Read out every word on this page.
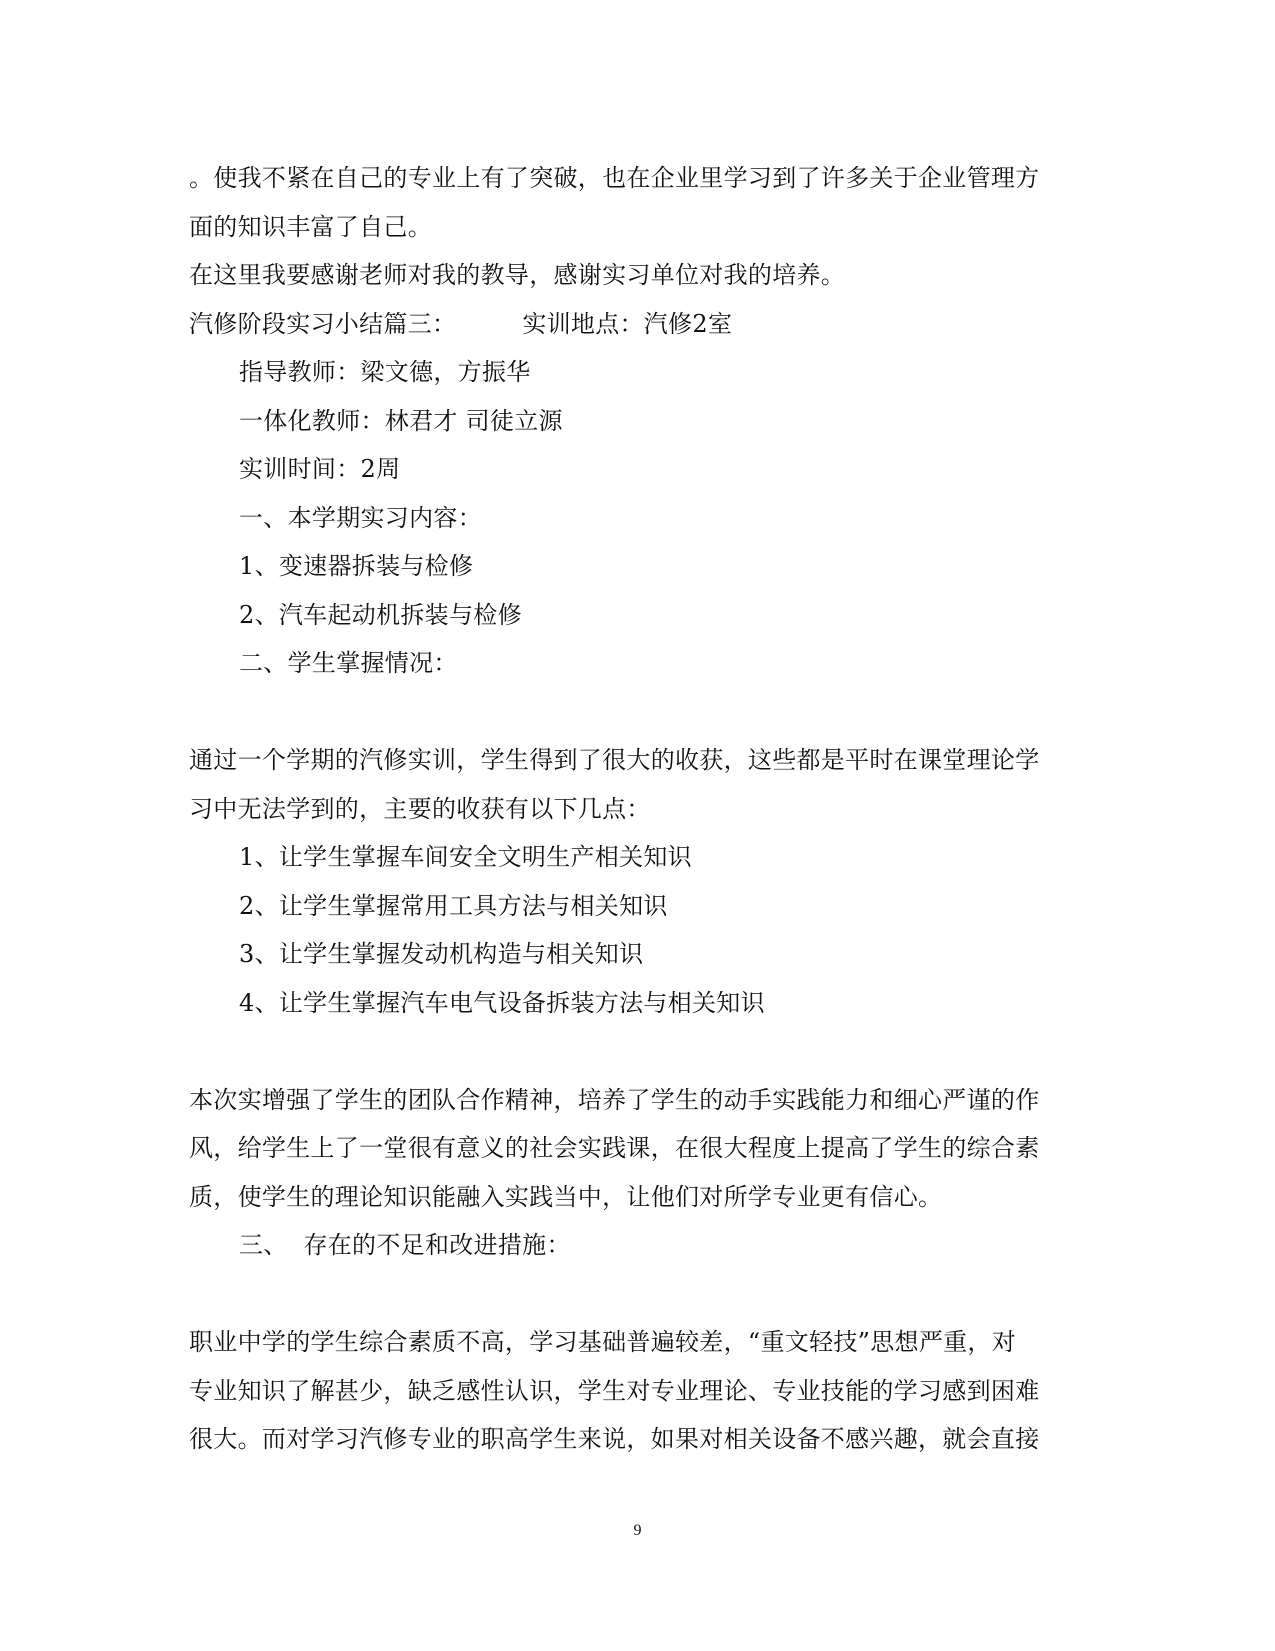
。使我不紧在自己的专业上有了突破，也在企业里学习到了许多关于企业管理方
面的知识丰富了自己。
在这里我要感谢老师对我的教导，感谢实习单位对我的培养。
汽修阶段实习小结篇三：	实训地点：汽修2室
指导教师：梁文德，方振华
一体化教师：林君才 司徒立源
实训时间：2周
一、本学期实习内容：
1、变速器拆装与检修
2、汽车起动机拆装与检修
二、学生掌握情况：
通过一个学期的汽修实训，学生得到了很大的收获，这些都是平时在课堂理论学
习中无法学到的，主要的收获有以下几点：
1、让学生掌握车间安全文明生产相关知识
2、让学生掌握常用工具方法与相关知识
3、让学生掌握发动机构造与相关知识
4、让学生掌握汽车电气设备拆装方法与相关知识
本次实增强了学生的团队合作精神，培养了学生的动手实践能力和细心严谨的作
风，给学生上了一堂很有意义的社会实践课，在很大程度上提高了学生的综合素
质，使学生的理论知识能融入实践当中，让他们对所学专业更有信心。
三、  存在的不足和改进措施：
职业中学的学生综合素质不高，学习基础普遍较差，“重文轻技”思想严重，对
专业知识了解甚少，缺乏感性认识，学生对专业理论、专业技能的学习感到困难
很大。而对学习汽修专业的职高学生来说，如果对相关设备不感兴趣，就会直接
9
